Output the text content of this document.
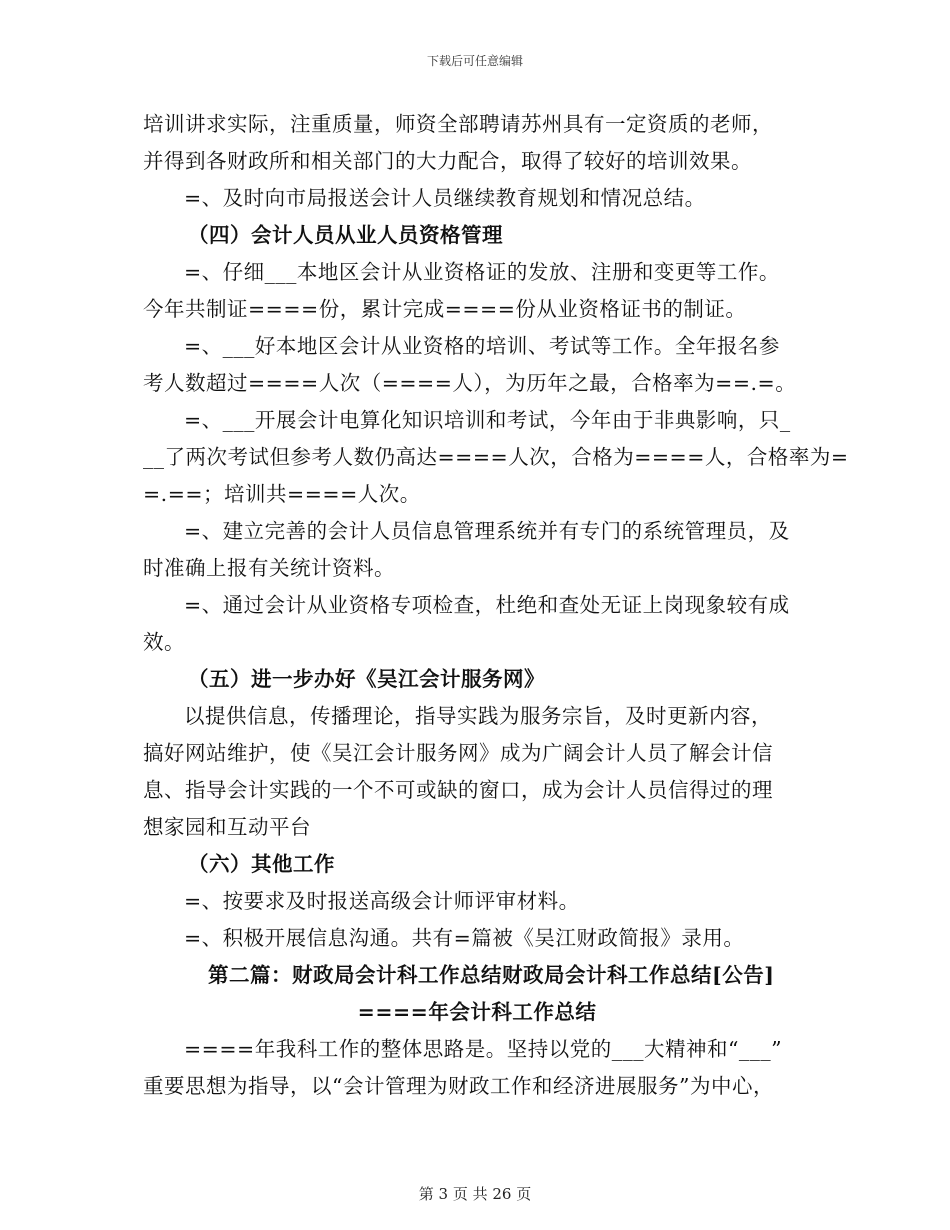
下载后可任意编辑
培训讲求实际，注重质量，师资全部聘请苏州具有一定资质的老师，
并得到各财政所和相关部门的大力配合，取得了较好的培训效果。
=、及时向市局报送会计人员继续教育规划和情况总结。
（四）会计人员从业人员资格管理
=、仔细___本地区会计从业资格证的发放、注册和变更等工作。
今年共制证====份，累计完成====份从业资格证书的制证。
=、___好本地区会计从业资格的培训、考试等工作。全年报名参
考人数超过====人次（====人），为历年之最，合格率为==.=。
=、___开展会计电算化知识培训和考试，今年由于非典影响，只_
__了两次考试但参考人数仍高达====人次，合格为====人，合格率为=
=.==；培训共====人次。
=、建立完善的会计人员信息管理系统并有专门的系统管理员，及
时准确上报有关统计资料。
=、通过会计从业资格专项检查，杜绝和查处无证上岗现象较有成
效。
（五）进一步办好《吴江会计服务网》
以提供信息，传播理论，指导实践为服务宗旨，及时更新内容，
搞好网站维护，使《吴江会计服务网》成为广阔会计人员了解会计信
息、指导会计实践的一个不可或缺的窗口，成为会计人员信得过的理
想家园和互动平台
（六）其他工作
=、按要求及时报送高级会计师评审材料。
=、积极开展信息沟通。共有=篇被《吴江财政简报》录用。
第二篇：财政局会计科工作总结财政局会计科工作总结[公告]
====年会计科工作总结
====年我科工作的整体思路是。坚持以党的___大精神和“___”
重要思想为指导，以“会计管理为财政工作和经济进展服务”为中心，
第 3 页 共 26 页
